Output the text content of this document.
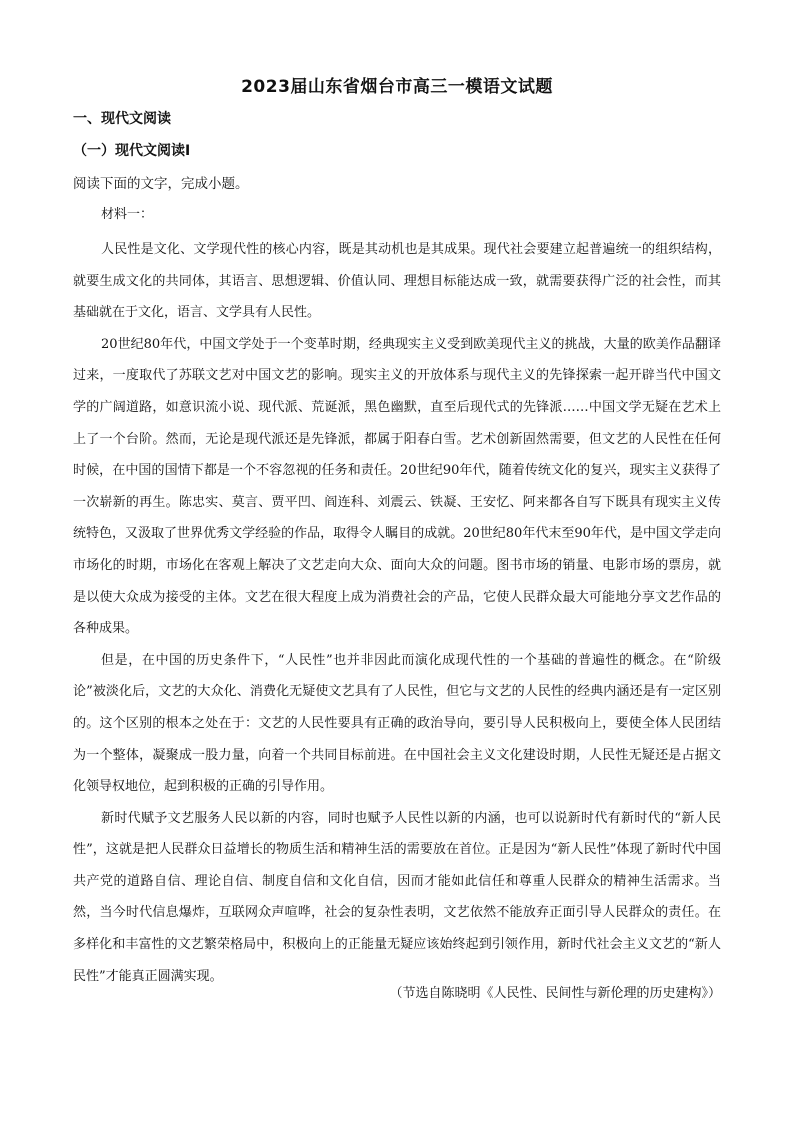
2023届山东省烟台市高三一模语文试题
一、现代文阅读
（一）现代文阅读Ⅰ
阅读下面的文字，完成小题。
材料一：

人民性是文化、文学现代性的核心内容，既是其动机也是其成果。现代社会要建立起普遍统一的组织结构，就要生成文化的共同体，其语言、思想逻辑、价值认同、理想目标能达成一致，就需要获得广泛的社会性，而其基础就在于文化，语言、文学具有人民性。

20世纪80年代，中国文学处于一个变革时期，经典现实主义受到欧美现代主义的挑战，大量的欧美作品翻译过来，一度取代了苏联文艺对中国文艺的影响。现实主义的开放体系与现代主义的先锋探索一起开辟当代中国文学的广阔道路，如意识流小说、现代派、荒诞派，黑色幽默，直至后现代式的先锋派……中国文学无疑在艺术上上了一个台阶。然而，无论是现代派还是先锋派，都属于阳春白雪。艺术创新固然需要，但文艺的人民性在任何时候，在中国的国情下都是一个不容忽视的任务和责任。20世纪90年代，随着传统文化的复兴，现实主义获得了一次崭新的再生。陈忠实、莫言、贾平凹、阎连科、刘震云、铁凝、王安忆、阿来都各自写下既具有现实主义传统特色，又汲取了世界优秀文学经验的作品，取得令人瞩目的成就。20世纪80年代末至90年代，是中国文学走向市场化的时期，市场化在客观上解决了文艺走向大众、面向大众的问题。图书市场的销量、电影市场的票房，就是以使大众成为接受的主体。文艺在很大程度上成为消费社会的产品，它使人民群众最大可能地分享文艺作品的各种成果。

但是，在中国的历史条件下，“人民性”也并非因此而演化成现代性的一个基础的普遍性的概念。在“阶级论”被淡化后，文艺的大众化、消费化无疑使文艺具有了人民性，但它与文艺的人民性的经典内涵还是有一定区别的。这个区别的根本之处在于：文艺的人民性要具有正确的政治导向，要引导人民积极向上，要使全体人民团结为一个整体，凝聚成一股力量，向着一个共同目标前进。在中国社会主义文化建设时期，人民性无疑还是占据文化领导权地位，起到积极的正确的引导作用。

新时代赋予文艺服务人民以新的内容，同时也赋予人民性以新的内涵，也可以说新时代有新时代的“新人民性”，这就是把人民群众日益增长的物质生活和精神生活的需要放在首位。正是因为“新人民性”体现了新时代中国共产党的道路自信、理论自信、制度自信和文化自信，因而才能如此信任和尊重人民群众的精神生活需求。当然，当今时代信息爆炸，互联网众声喧哗，社会的复杂性表明，文艺依然不能放弃正面引导人民群众的责任。在多样化和丰富性的文艺繁荣格局中，积极向上的正能量无疑应该始终起到引领作用，新时代社会主义文艺的“新人民性”才能真正圆满实现。

（节选自陈晓明《人民性、民间性与新伦理的历史建构》）
